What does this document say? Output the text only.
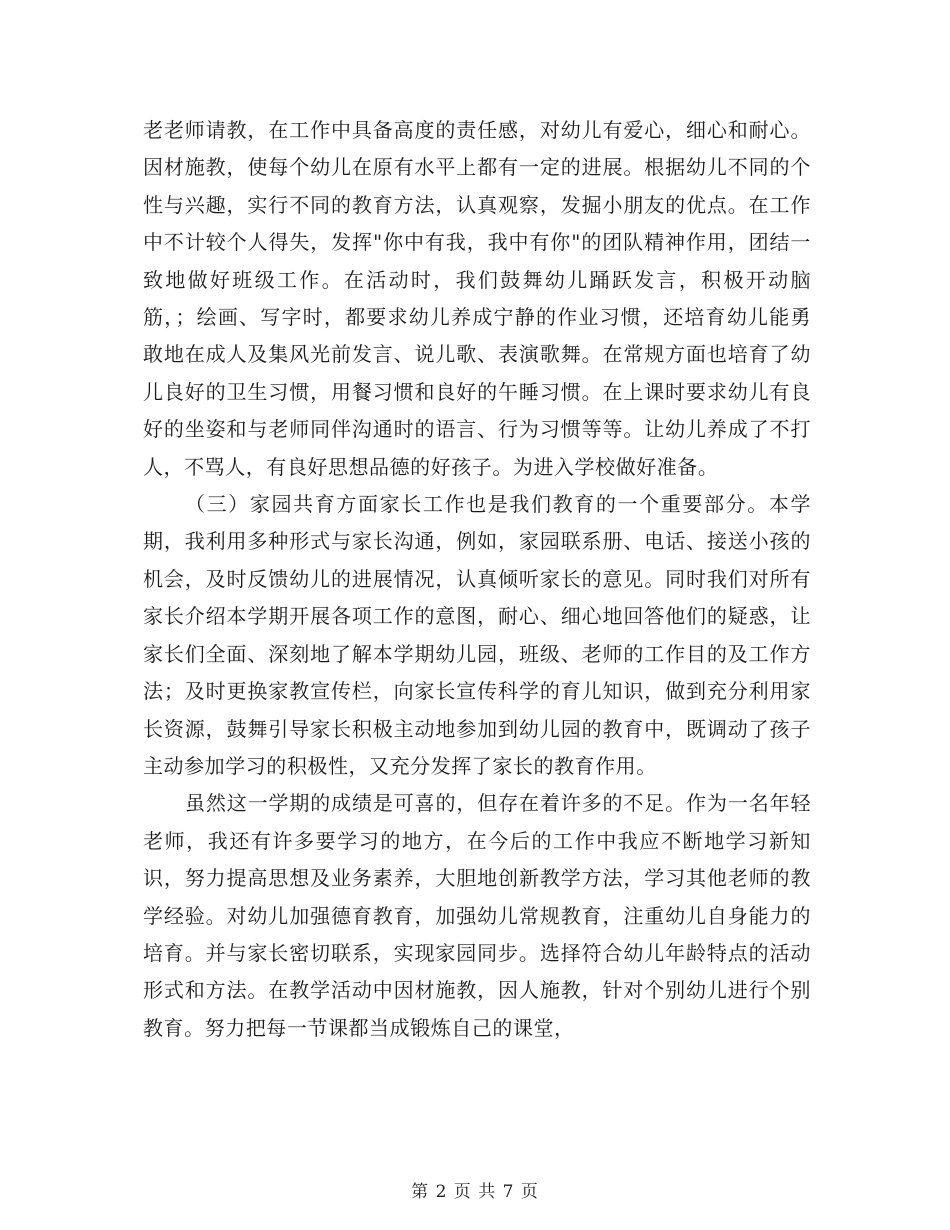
老老师请教，在工作中具备高度的责任感，对幼儿有爱心，细心和耐心。因材施教，使每个幼儿在原有水平上都有一定的进展。根据幼儿不同的个性与兴趣，实行不同的教育方法，认真观察，发掘小朋友的优点。在工作中不计较个人得失，发挥"你中有我，我中有你"的团队精神作用，团结一致地做好班级工作。在活动时，我们鼓舞幼儿踊跃发言，积极开动脑筋，；绘画、写字时，都要求幼儿养成宁静的作业习惯，还培育幼儿能勇敢地在成人及集风光前发言、说儿歌、表演歌舞。在常规方面也培育了幼儿良好的卫生习惯，用餐习惯和良好的午睡习惯。在上课时要求幼儿有良好的坐姿和与老师同伴沟通时的语言、行为习惯等等。让幼儿养成了不打人，不骂人，有良好思想品德的好孩子。为进入学校做好准备。

（三）家园共育方面家长工作也是我们教育的一个重要部分。本学期，我利用多种形式与家长沟通，例如，家园联系册、电话、接送小孩的机会，及时反馈幼儿的进展情况，认真倾听家长的意见。同时我们对所有家长介绍本学期开展各项工作的意图，耐心、细心地回答他们的疑惑，让家长们全面、深刻地了解本学期幼儿园，班级、老师的工作目的及工作方法；及时更换家教宣传栏，向家长宣传科学的育儿知识，做到充分利用家长资源，鼓舞引导家长积极主动地参加到幼儿园的教育中，既调动了孩子主动参加学习的积极性，又充分发挥了家长的教育作用。

虽然这一学期的成绩是可喜的，但存在着许多的不足。作为一名年轻老师，我还有许多要学习的地方，在今后的工作中我应不断地学习新知识，努力提高思想及业务素养，大胆地创新教学方法，学习其他老师的教学经验。对幼儿加强德育教育，加强幼儿常规教育，注重幼儿自身能力的培育。并与家长密切联系，实现家园同步。选择符合幼儿年龄特点的活动形式和方法。在教学活动中因材施教，因人施教，针对个别幼儿进行个别教育。努力把每一节课都当成锻炼自己的课堂，

第 2 页 共 7 页
